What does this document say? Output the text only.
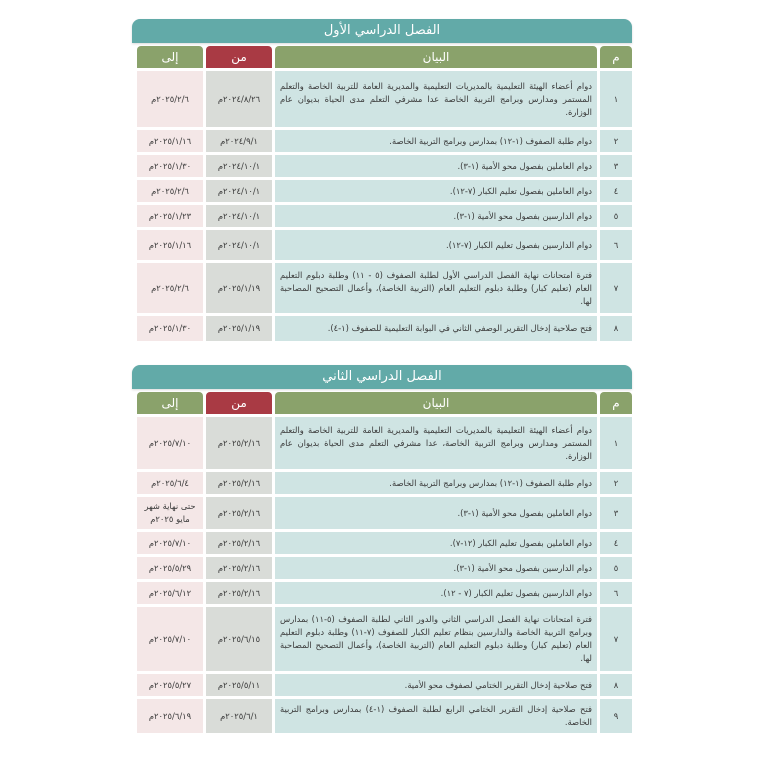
الفصل الدراسي الأول
م
البيان
من
إلى
١
دوام أعضاء الهيئة التعليمية بالمديريات التعليمية والمديرية العامة للتربية الخاصة والتعلم المستمر ومدارس وبرامج التربية الخاصة عدا مشرفي التعلم مدى الحياة بديوان عام الوزارة.
٢٠٢٤/٨/٢٦م
٢٠٢٥/٢/٦م
٢
دوام طلبة الصفوف (١-١٢) بمدارس وبرامج التربية الخاصة.
٢٠٢٤/٩/١م
٢٠٢٥/١/١٦م
٣
دوام العاملين بفصول محو الأمية (١-٣).
٢٠٢٤/١٠/١م
٢٠٢٥/١/٣٠م
٤
دوام العاملين بفصول تعليم الكبار (٧-١٢).
٢٠٢٤/١٠/١م
٢٠٢٥/٢/٦م
٥
دوام الدارسين بفصول محو الأمية (١-٣).
٢٠٢٤/١٠/١م
٢٠٢٥/١/٢٣م
٦
دوام الدارسين بفصول تعليم الكبار (٧-١٢).
٢٠٢٤/١٠/١م
٢٠٢٥/١/١٦م
٧
فترة امتحانات نهاية الفصل الدراسي الأول لطلبة الصفوف (٥ - ١١) وطلبة دبلوم التعليم العام (تعليم كبار) وطلبة دبلوم التعليم العام (التربية الخاصة)، وأعمال التصحيح المصاحبة لها.
٢٠٢٥/١/١٩م
٢٠٢٥/٢/٦م
٨
فتح صلاحية إدخال التقرير الوصفي الثاني في البوابة التعليمية للصفوف (١-٤).
٢٠٢٥/١/١٩م
٢٠٢٥/١/٣٠م
الفصل الدراسي الثاني
م
البيان
من
إلى
١
دوام أعضاء الهيئة التعليمية بالمديريات التعليمية والمديرية العامة للتربية الخاصة والتعلم المستمر ومدارس وبرامج التربية الخاصة، عدا مشرفي التعلم مدى الحياة بديوان عام الوزارة.
٢٠٢٥/٢/١٦م
٢٠٢٥/٧/١٠م
٢
دوام طلبة الصفوف (١-١٢) بمدارس وبرامج التربية الخاصة.
٢٠٢٥/٢/١٦م
٢٠٢٥/٦/٤م
٣
دوام العاملين بفصول محو الأمية (١-٣).
٢٠٢٥/٢/١٦م
حتى نهاية شهر مايو ٢٠٢٥م
٤
دوام العاملين بفصول تعليم الكبار (١٢-٧).
٢٠٢٥/٢/١٦م
٢٠٢٥/٧/١٠م
٥
دوام الدارسين بفصول محو الأمية (١-٣).
٢٠٢٥/٢/١٦م
٢٠٢٥/٥/٢٩م
٦
دوام الدارسين بفصول تعليم الكبار (٧ - ١٢).
٢٠٢٥/٢/١٦م
٢٠٢٥/٦/١٢م
٧
فترة امتحانات نهاية الفصل الدراسي الثاني والدور الثاني لطلبة الصفوف (٥-١١) بمدارس وبرامج التربية الخاصة والدارسين بنظام تعليم الكبار للصفوف (٧-١١) وطلبة دبلوم التعليم العام (تعليم كبار) وطلبة دبلوم التعليم العام (التربية الخاصة)، وأعمال التصحيح المصاحبة لها.
٢٠٢٥/٦/١٥م
٢٠٢٥/٧/١٠م
٨
فتح صلاحية إدخال التقرير الختامي لصفوف محو الأمية.
٢٠٢٥/٥/١١م
٢٠٢٥/٥/٢٧م
٩
فتح صلاحية إدخال التقرير الختامي الرابع لطلبة الصفوف (١-٤) بمدارس وبرامج التربية الخاصة.
٢٠٢٥/٦/١م
٢٠٢٥/٦/١٩م
